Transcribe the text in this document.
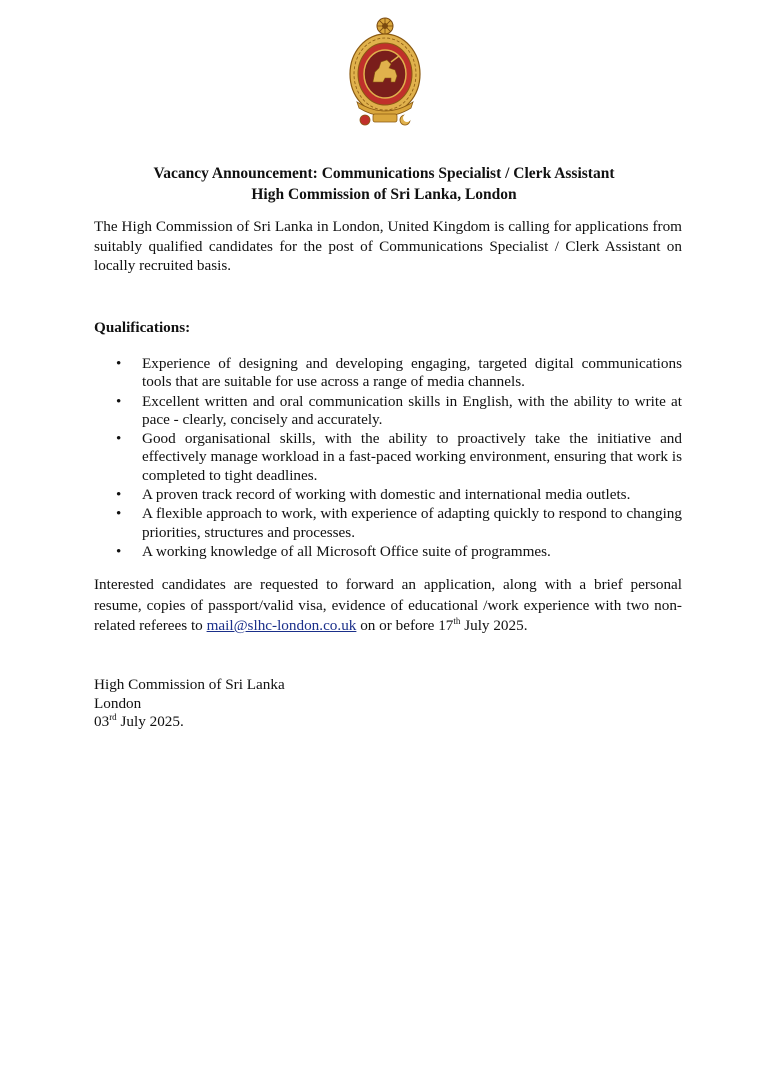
Vacancy Announcement: Communications Specialist / Clerk Assistant
High Commission of Sri Lanka, London
The High Commission of Sri Lanka in London, United Kingdom is calling for applications from suitably qualified candidates for the post of Communications Specialist / Clerk Assistant on locally recruited basis.
Qualifications:
• Experience of designing and developing engaging, targeted digital communications tools that are suitable for use across a range of media channels.
• Excellent written and oral communication skills in English, with the ability to write at pace - clearly, concisely and accurately.
• Good organisational skills, with the ability to proactively take the initiative and effectively manage workload in a fast-paced working environment, ensuring that work is completed to tight deadlines.
• A proven track record of working with domestic and international media outlets.
• A flexible approach to work, with experience of adapting quickly to respond to changing priorities, structures and processes.
• A working knowledge of all Microsoft Office suite of programmes.
Interested candidates are requested to forward an application, along with a brief personal resume, copies of passport/valid visa, evidence of educational /work experience with two non-related referees to mail@slhc-london.co.uk on or before 17th July 2025.
High Commission of Sri Lanka
London
03rd July 2025.
